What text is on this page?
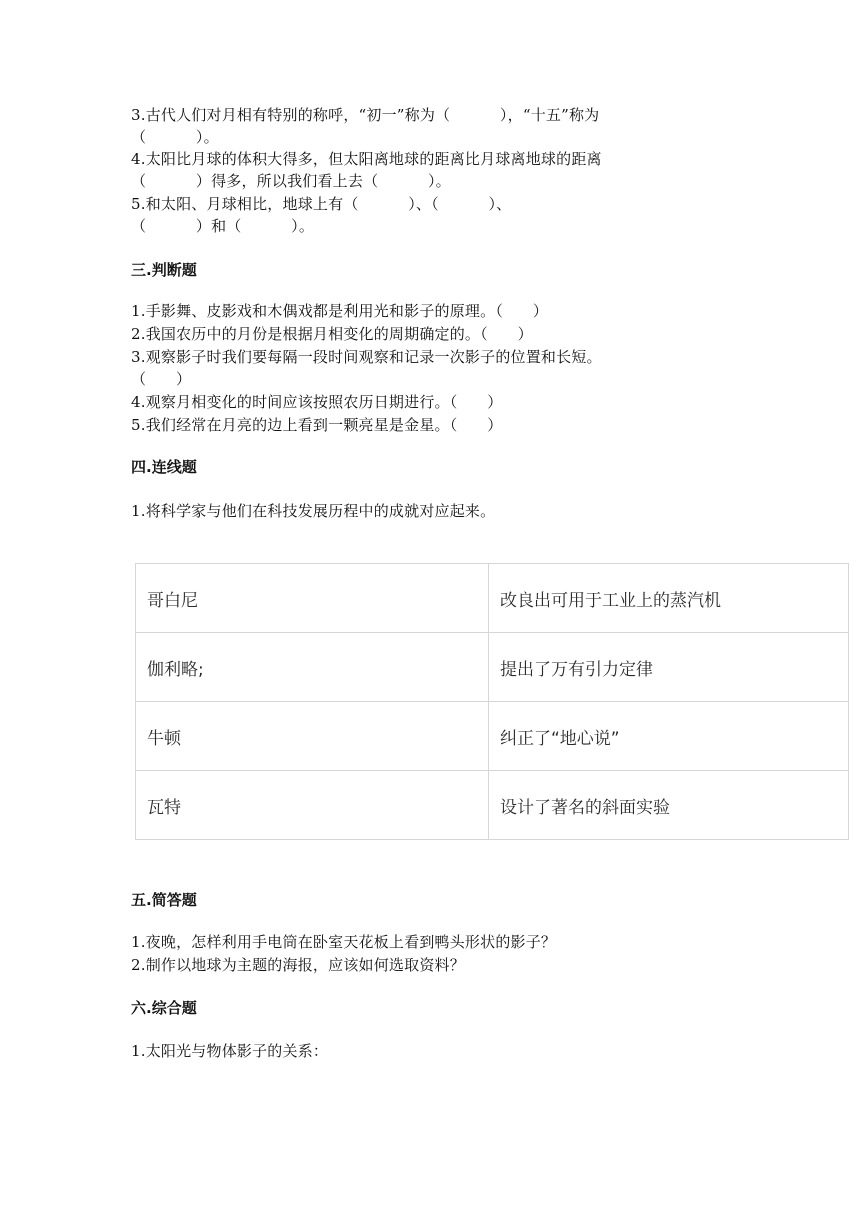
3.古代人们对月相有特别的称呼，“初一”称为（          ），“十五”称为
（          ）。
4.太阳比月球的体积大得多，但太阳离地球的距离比月球离地球的距离
（          ）得多，所以我们看上去（          ）。
5.和太阳、月球相比，地球上有（          ）、（          ）、
（          ）和（          ）。
三.判断题
1.手影舞、皮影戏和木偶戏都是利用光和影子的原理。（      ）
2.我国农历中的月份是根据月相变化的周期确定的。（      ）
3.观察影子时我们要每隔一段时间观察和记录一次影子的位置和长短。
（      ）
4.观察月相变化的时间应该按照农历日期进行。（      ）
5.我们经常在月亮的边上看到一颗亮星是金星。（      ）
四.连线题
1.将科学家与他们在科技发展历程中的成就对应起来。
哥白尼	改良出可用于工业上的蒸汽机
伽利略;	提出了万有引力定律
牛顿	纠正了“地心说”
瓦特	设计了著名的斜面实验
五.简答题
1.夜晚，怎样利用手电筒在卧室天花板上看到鸭头形状的影子？
2.制作以地球为主题的海报，应该如何选取资料？
六.综合题
1.太阳光与物体影子的关系：
